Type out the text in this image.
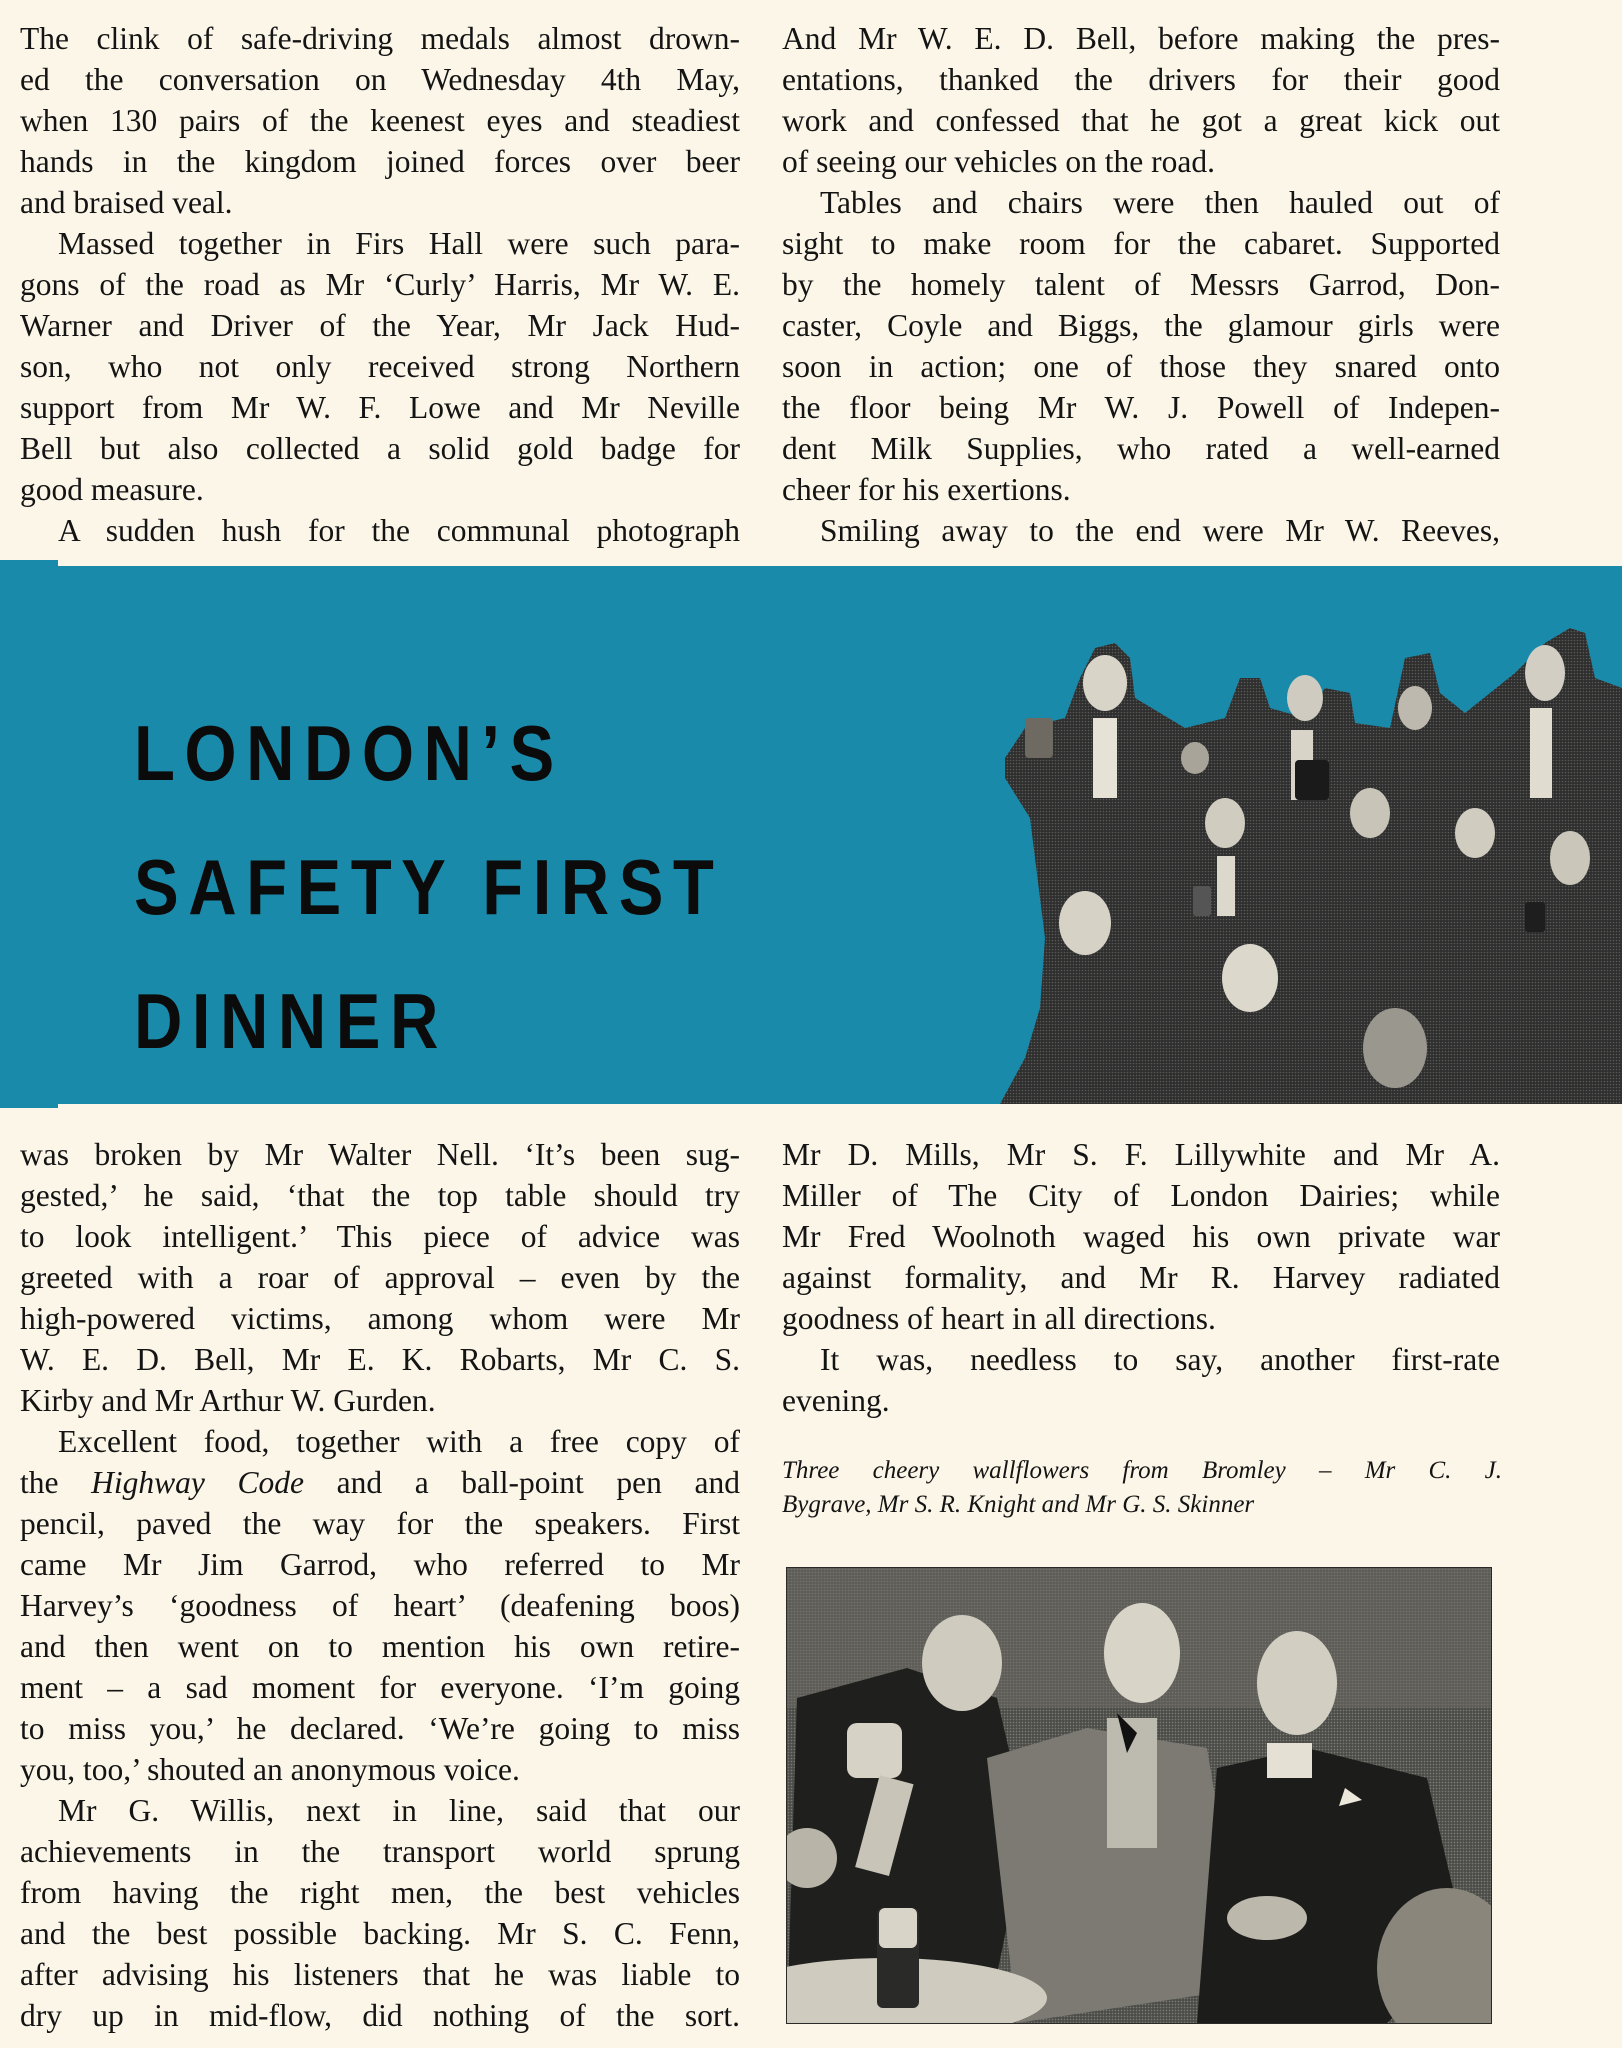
The clink of safe-driving medals almost drown-
ed the conversation on Wednesday 4th May,
when 130 pairs of the keenest eyes and steadiest
hands in the kingdom joined forces over beer
and braised veal.
Massed together in Firs Hall were such para-
gons of the road as Mr ‘Curly’ Harris, Mr W. E.
Warner and Driver of the Year, Mr Jack Hud-
son, who not only received strong Northern
support from Mr W. F. Lowe and Mr Neville
Bell but also collected a solid gold badge for
good measure.
A sudden hush for the communal photograph
And Mr W. E. D. Bell, before making the pres-
entations, thanked the drivers for their good
work and confessed that he got a great kick out
of seeing our vehicles on the road.
Tables and chairs were then hauled out of
sight to make room for the cabaret. Supported
by the homely talent of Messrs Garrod, Don-
caster, Coyle and Biggs, the glamour girls were
soon in action; one of those they snared onto
the floor being Mr W. J. Powell of Indepen-
dent Milk Supplies, who rated a well-earned
cheer for his exertions.
Smiling away to the end were Mr W. Reeves,
LONDON’S
SAFETY FIRST
DINNER
was broken by Mr Walter Nell. ‘It’s been sug-
gested,’ he said, ‘that the top table should try
to look intelligent.’ This piece of advice was
greeted with a roar of approval – even by the
high-powered victims, among whom were Mr
W. E. D. Bell, Mr E. K. Robarts, Mr C. S.
Kirby and Mr Arthur W. Gurden.
Excellent food, together with a free copy of
the Highway Code and a ball-point pen and
pencil, paved the way for the speakers. First
came Mr Jim Garrod, who referred to Mr
Harvey’s ‘goodness of heart’ (deafening boos)
and then went on to mention his own retire-
ment – a sad moment for everyone. ‘I’m going
to miss you,’ he declared. ‘We’re going to miss
you, too,’ shouted an anonymous voice.
Mr G. Willis, next in line, said that our
achievements in the transport world sprung
from having the right men, the best vehicles
and the best possible backing. Mr S. C. Fenn,
after advising his listeners that he was liable to
dry up in mid-flow, did nothing of the sort.
Mr D. Mills, Mr S. F. Lillywhite and Mr A.
Miller of The City of London Dairies; while
Mr Fred Woolnoth waged his own private war
against formality, and Mr R. Harvey radiated
goodness of heart in all directions.
It was, needless to say, another first-rate
evening.
Three cheery wallflowers from Bromley – Mr C. J.
Bygrave, Mr S. R. Knight and Mr G. S. Skinner
